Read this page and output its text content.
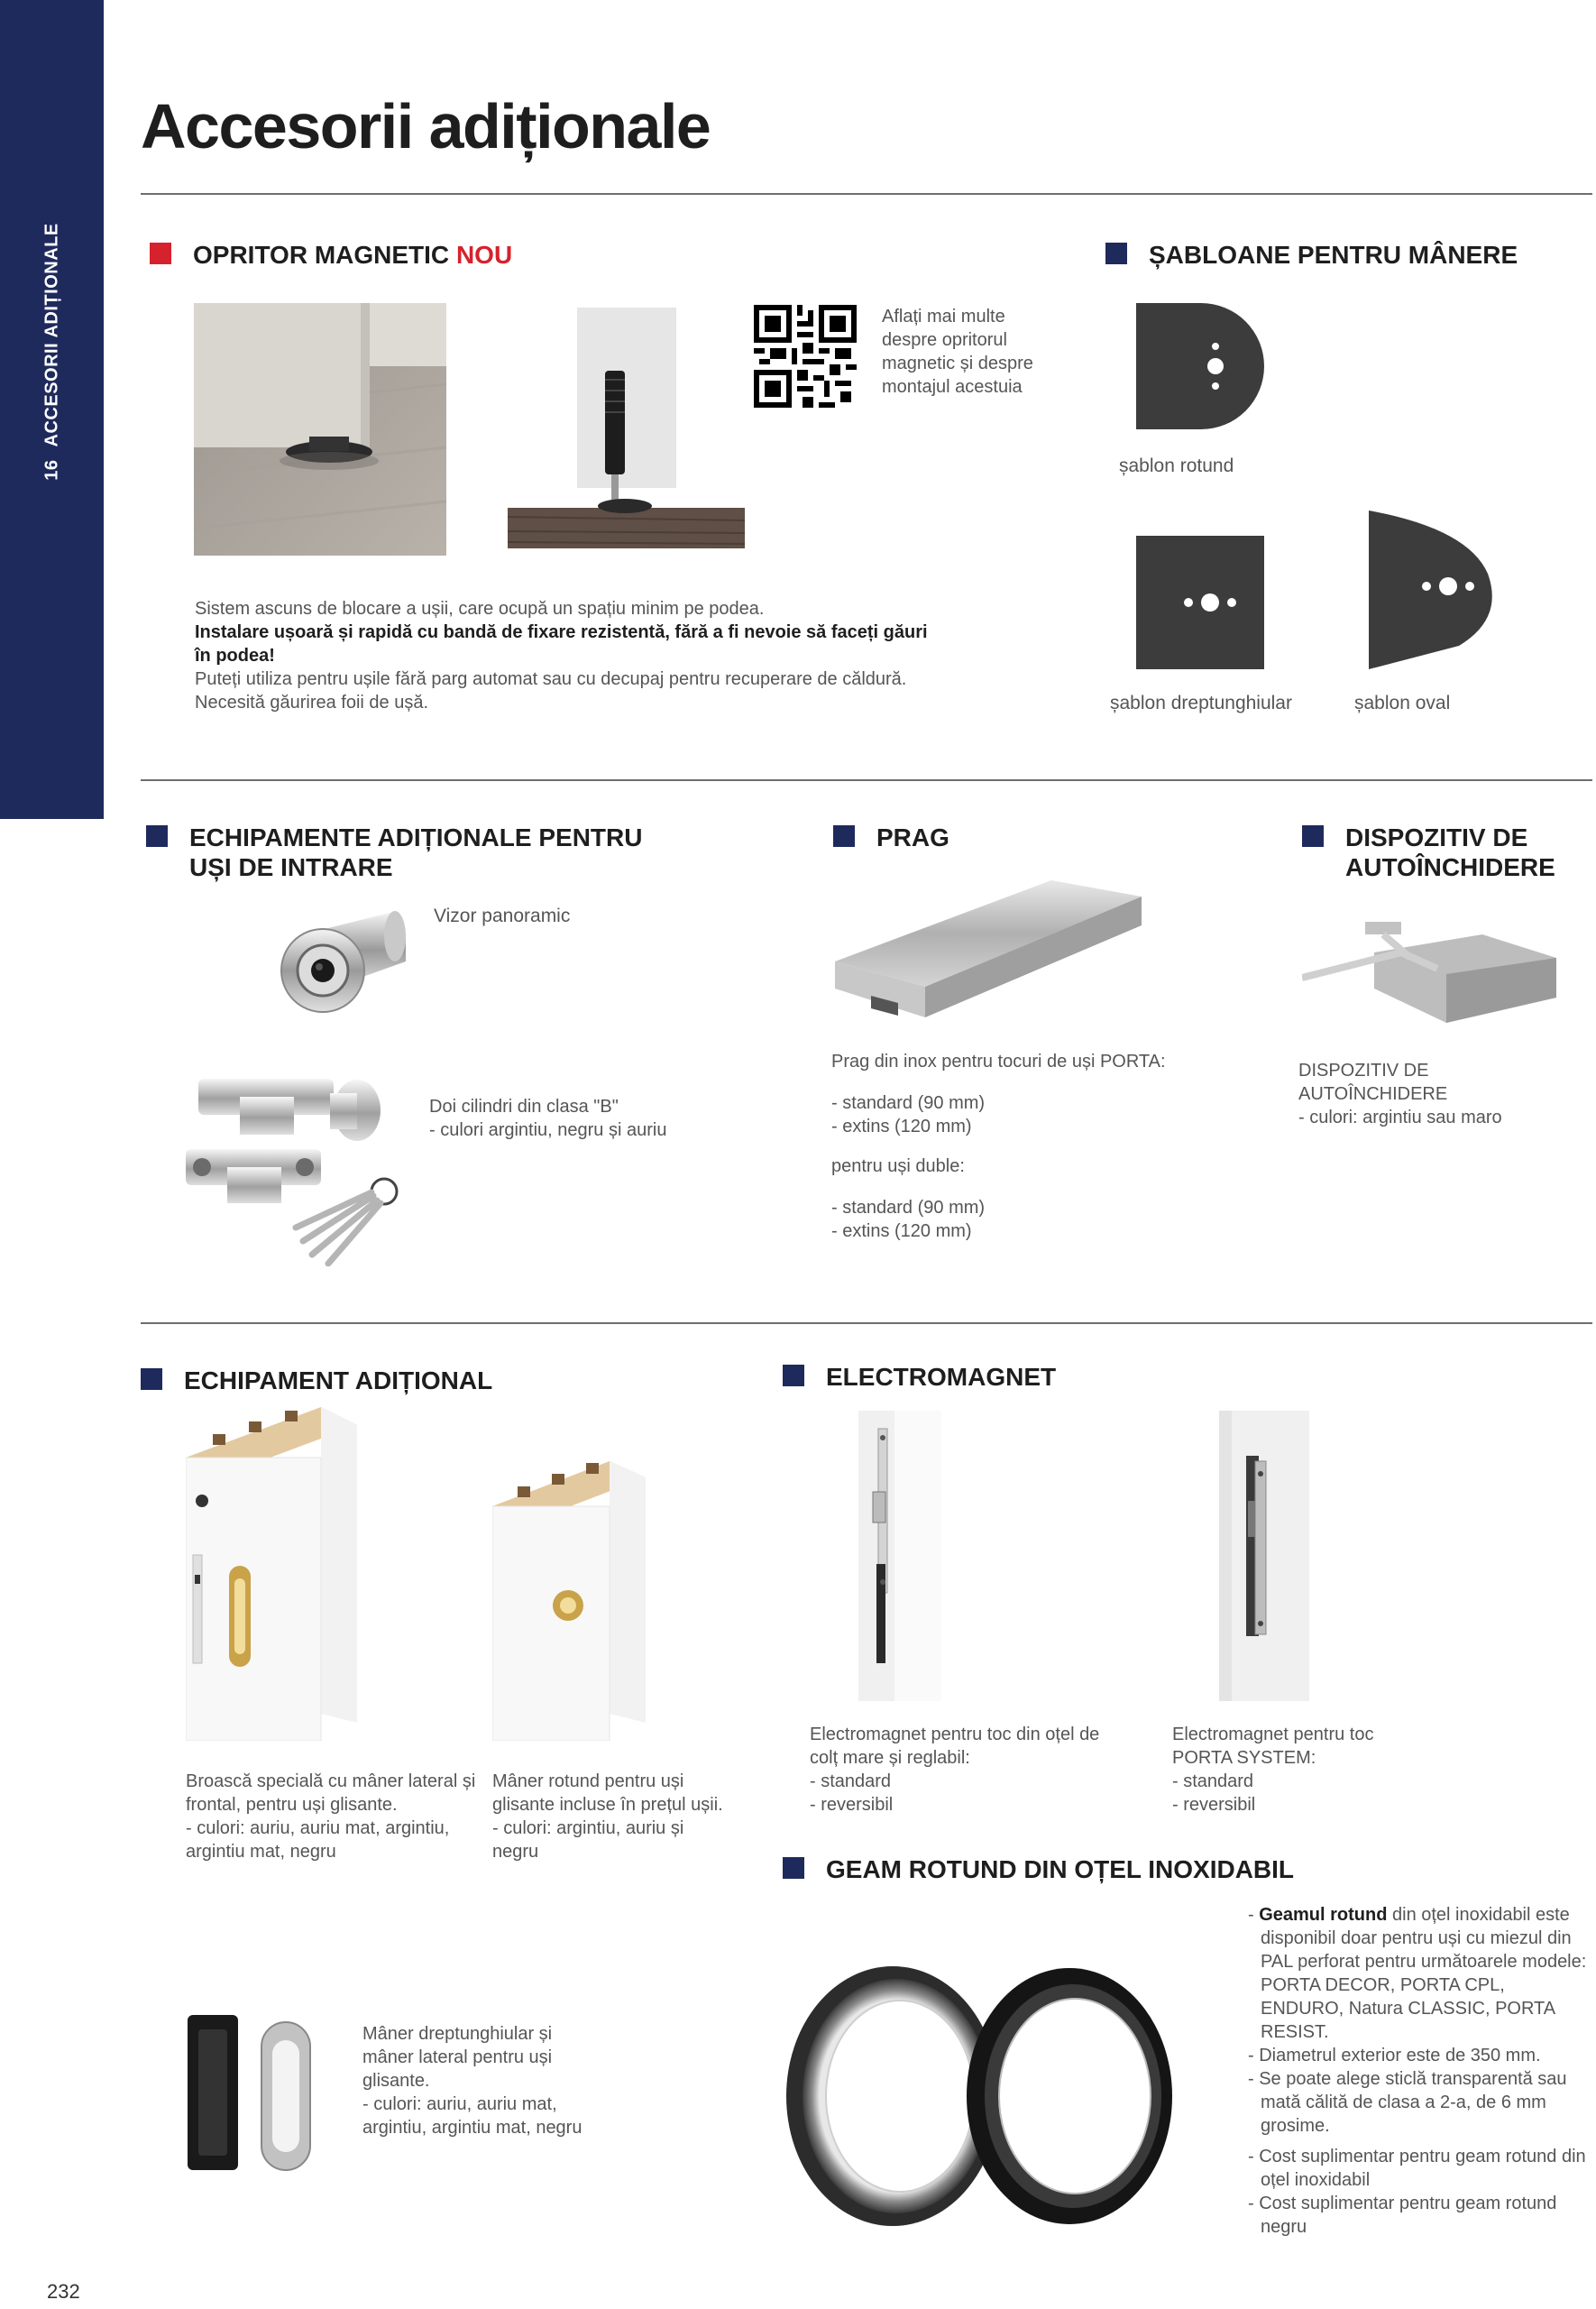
16ACCESORII ADIȚIONALE
Accesorii adiționale
OPRITOR MAGNETIC NOU
Aflați mai multe
despre opritorul
magnetic și despre
montajul acestuia
Sistem ascuns de blocare a ușii, care ocupă un spațiu minim pe podea.
Instalare ușoară și rapidă cu bandă de fixare rezistentă, fără a fi nevoie să faceți găuri în podea!
Puteți utiliza pentru ușile fără parg automat sau cu decupaj pentru recuperare de căldură.
Necesită găurirea foii de ușă.
ȘABLOANE PENTRU MÂNERE
șablon rotund
șablon dreptunghiular	șablon oval
ECHIPAMENTE ADIȚIONALE PENTRU
UȘI DE INTRARE
Vizor panoramic
Doi cilindri din clasa "B"
- culori argintiu, negru și auriu
PRAG
Prag din inox pentru tocuri de uși PORTA:
- standard (90 mm)
- extins (120 mm)
pentru uși duble:
- standard (90 mm)
- extins (120 mm)
DISPOZITIV DE
AUTOÎNCHIDERE
DISPOZITIV DE
AUTOÎNCHIDERE
- culori: argintiu sau maro
ECHIPAMENT ADIȚIONAL
Broască specială cu mâner lateral și
frontal, pentru uși glisante.
- culori: auriu, auriu mat, argintiu,
argintiu mat, negru
Mâner rotund pentru uși
glisante incluse în prețul ușii.
- culori: argintiu, auriu și
negru
Mâner dreptunghiular și
mâner lateral pentru uși
glisante.
- culori: auriu, auriu mat,
argintiu, argintiu mat, negru
ELECTROMAGNET
Electromagnet pentru toc din oțel de
colț mare și reglabil:
- standard
- reversibil
Electromagnet pentru toc
PORTA SYSTEM:
- standard
- reversibil
GEAM ROTUND DIN OȚEL INOXIDABIL
- Geamul rotund din oțel inoxidabil este disponibil doar pentru uși cu miezul din PAL perforat pentru următoarele modele: PORTA DECOR, PORTA CPL, ENDURO, Natura CLASSIC, PORTA RESIST.
- Diametrul exterior este de 350 mm.
- Se poate alege sticlă transparentă sau mată călită de clasa a 2-a, de 6 mm grosime.
- Cost suplimentar pentru geam rotund din oțel inoxidabil
- Cost suplimentar pentru geam rotund negru
232
